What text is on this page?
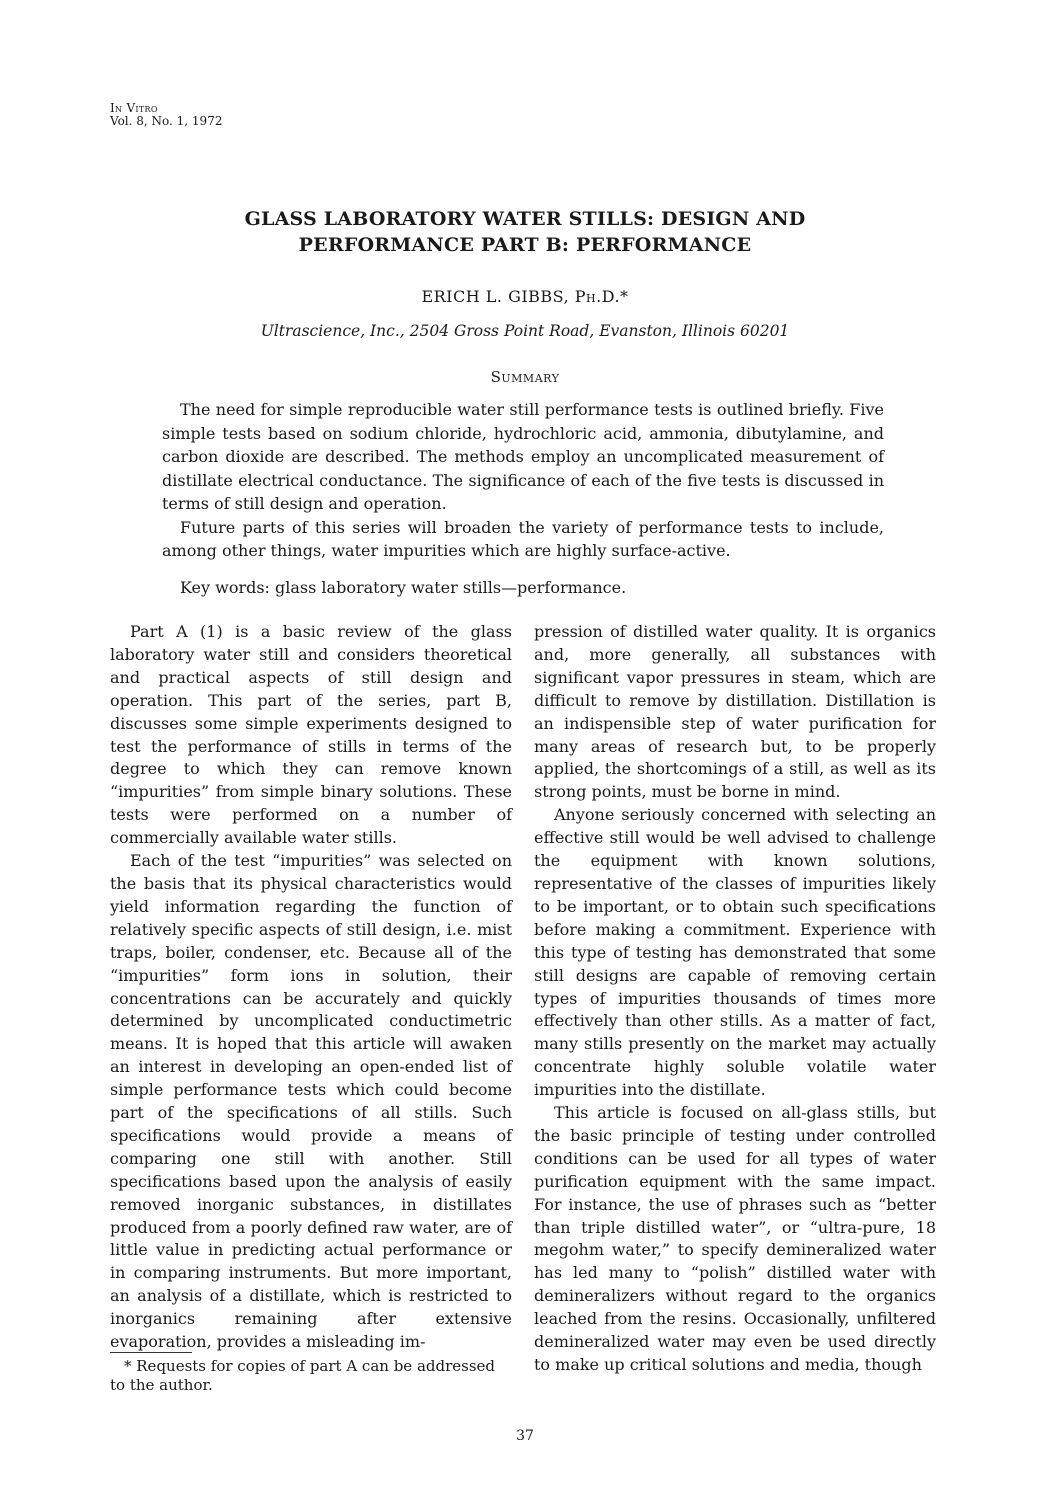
In Vitro
Vol. 8, No. 1, 1972
GLASS LABORATORY WATER STILLS: DESIGN AND
PERFORMANCE PART B: PERFORMANCE
ERICH L. GIBBS, Ph.D.*
Ultrascience, Inc., 2504 Gross Point Road, Evanston, Illinois 60201
Summary

The need for simple reproducible water still performance tests is outlined briefly. Five simple tests based on sodium chloride, hydrochloric acid, ammonia, dibutylamine, and carbon dioxide are described. The methods employ an uncomplicated measurement of distillate electrical conductance. The significance of each of the five tests is discussed in terms of still design and operation.

Future parts of this series will broaden the variety of performance tests to include, among other things, water impurities which are highly surface-active.

Key words: glass laboratory water stills—performance.

Part A (1) is a basic review of the glass laboratory water still and considers theoretical and practical aspects of still design and operation. This part of the series, part B, discusses some simple experiments designed to test the performance of stills in terms of the degree to which they can remove known “impurities” from simple binary solutions. These tests were performed on a number of commercially available water stills.

Each of the test “impurities” was selected on the basis that its physical characteristics would yield information regarding the function of relatively specific aspects of still design, i.e. mist traps, boiler, condenser, etc. Because all of the “impurities” form ions in solution, their concentrations can be accurately and quickly determined by uncomplicated conductimetric means. It is hoped that this article will awaken an interest in developing an open-ended list of simple performance tests which could become part of the specifications of all stills. Such specifications would provide a means of comparing one still with another. Still specifications based upon the analysis of easily removed inorganic substances, in distillates produced from a poorly defined raw water, are of little value in predicting actual performance or in comparing instruments. But more important, an analysis of a distillate, which is restricted to inorganics remaining after extensive evaporation, provides a misleading im-

pression of distilled water quality. It is organics and, more generally, all substances with significant vapor pressures in steam, which are difficult to remove by distillation. Distillation is an indispensible step of water purification for many areas of research but, to be properly applied, the shortcomings of a still, as well as its strong points, must be borne in mind.

Anyone seriously concerned with selecting an effective still would be well advised to challenge the equipment with known solutions, representative of the classes of impurities likely to be important, or to obtain such specifications before making a commitment. Experience with this type of testing has demonstrated that some still designs are capable of removing certain types of impurities thousands of times more effectively than other stills. As a matter of fact, many stills presently on the market may actually concentrate highly soluble volatile water impurities into the distillate.

This article is focused on all-glass stills, but the basic principle of testing under controlled conditions can be used for all types of water purification equipment with the same impact. For instance, the use of phrases such as “better than triple distilled water”, or “ultra-pure, 18 megohm water,” to specify demineralized water has led many to “polish” distilled water with demineralizers without regard to the organics leached from the resins. Occasionally, unfiltered demineralized water may even be used directly to make up critical solutions and media, though

* Requests for copies of part A can be addressed to the author.

37
